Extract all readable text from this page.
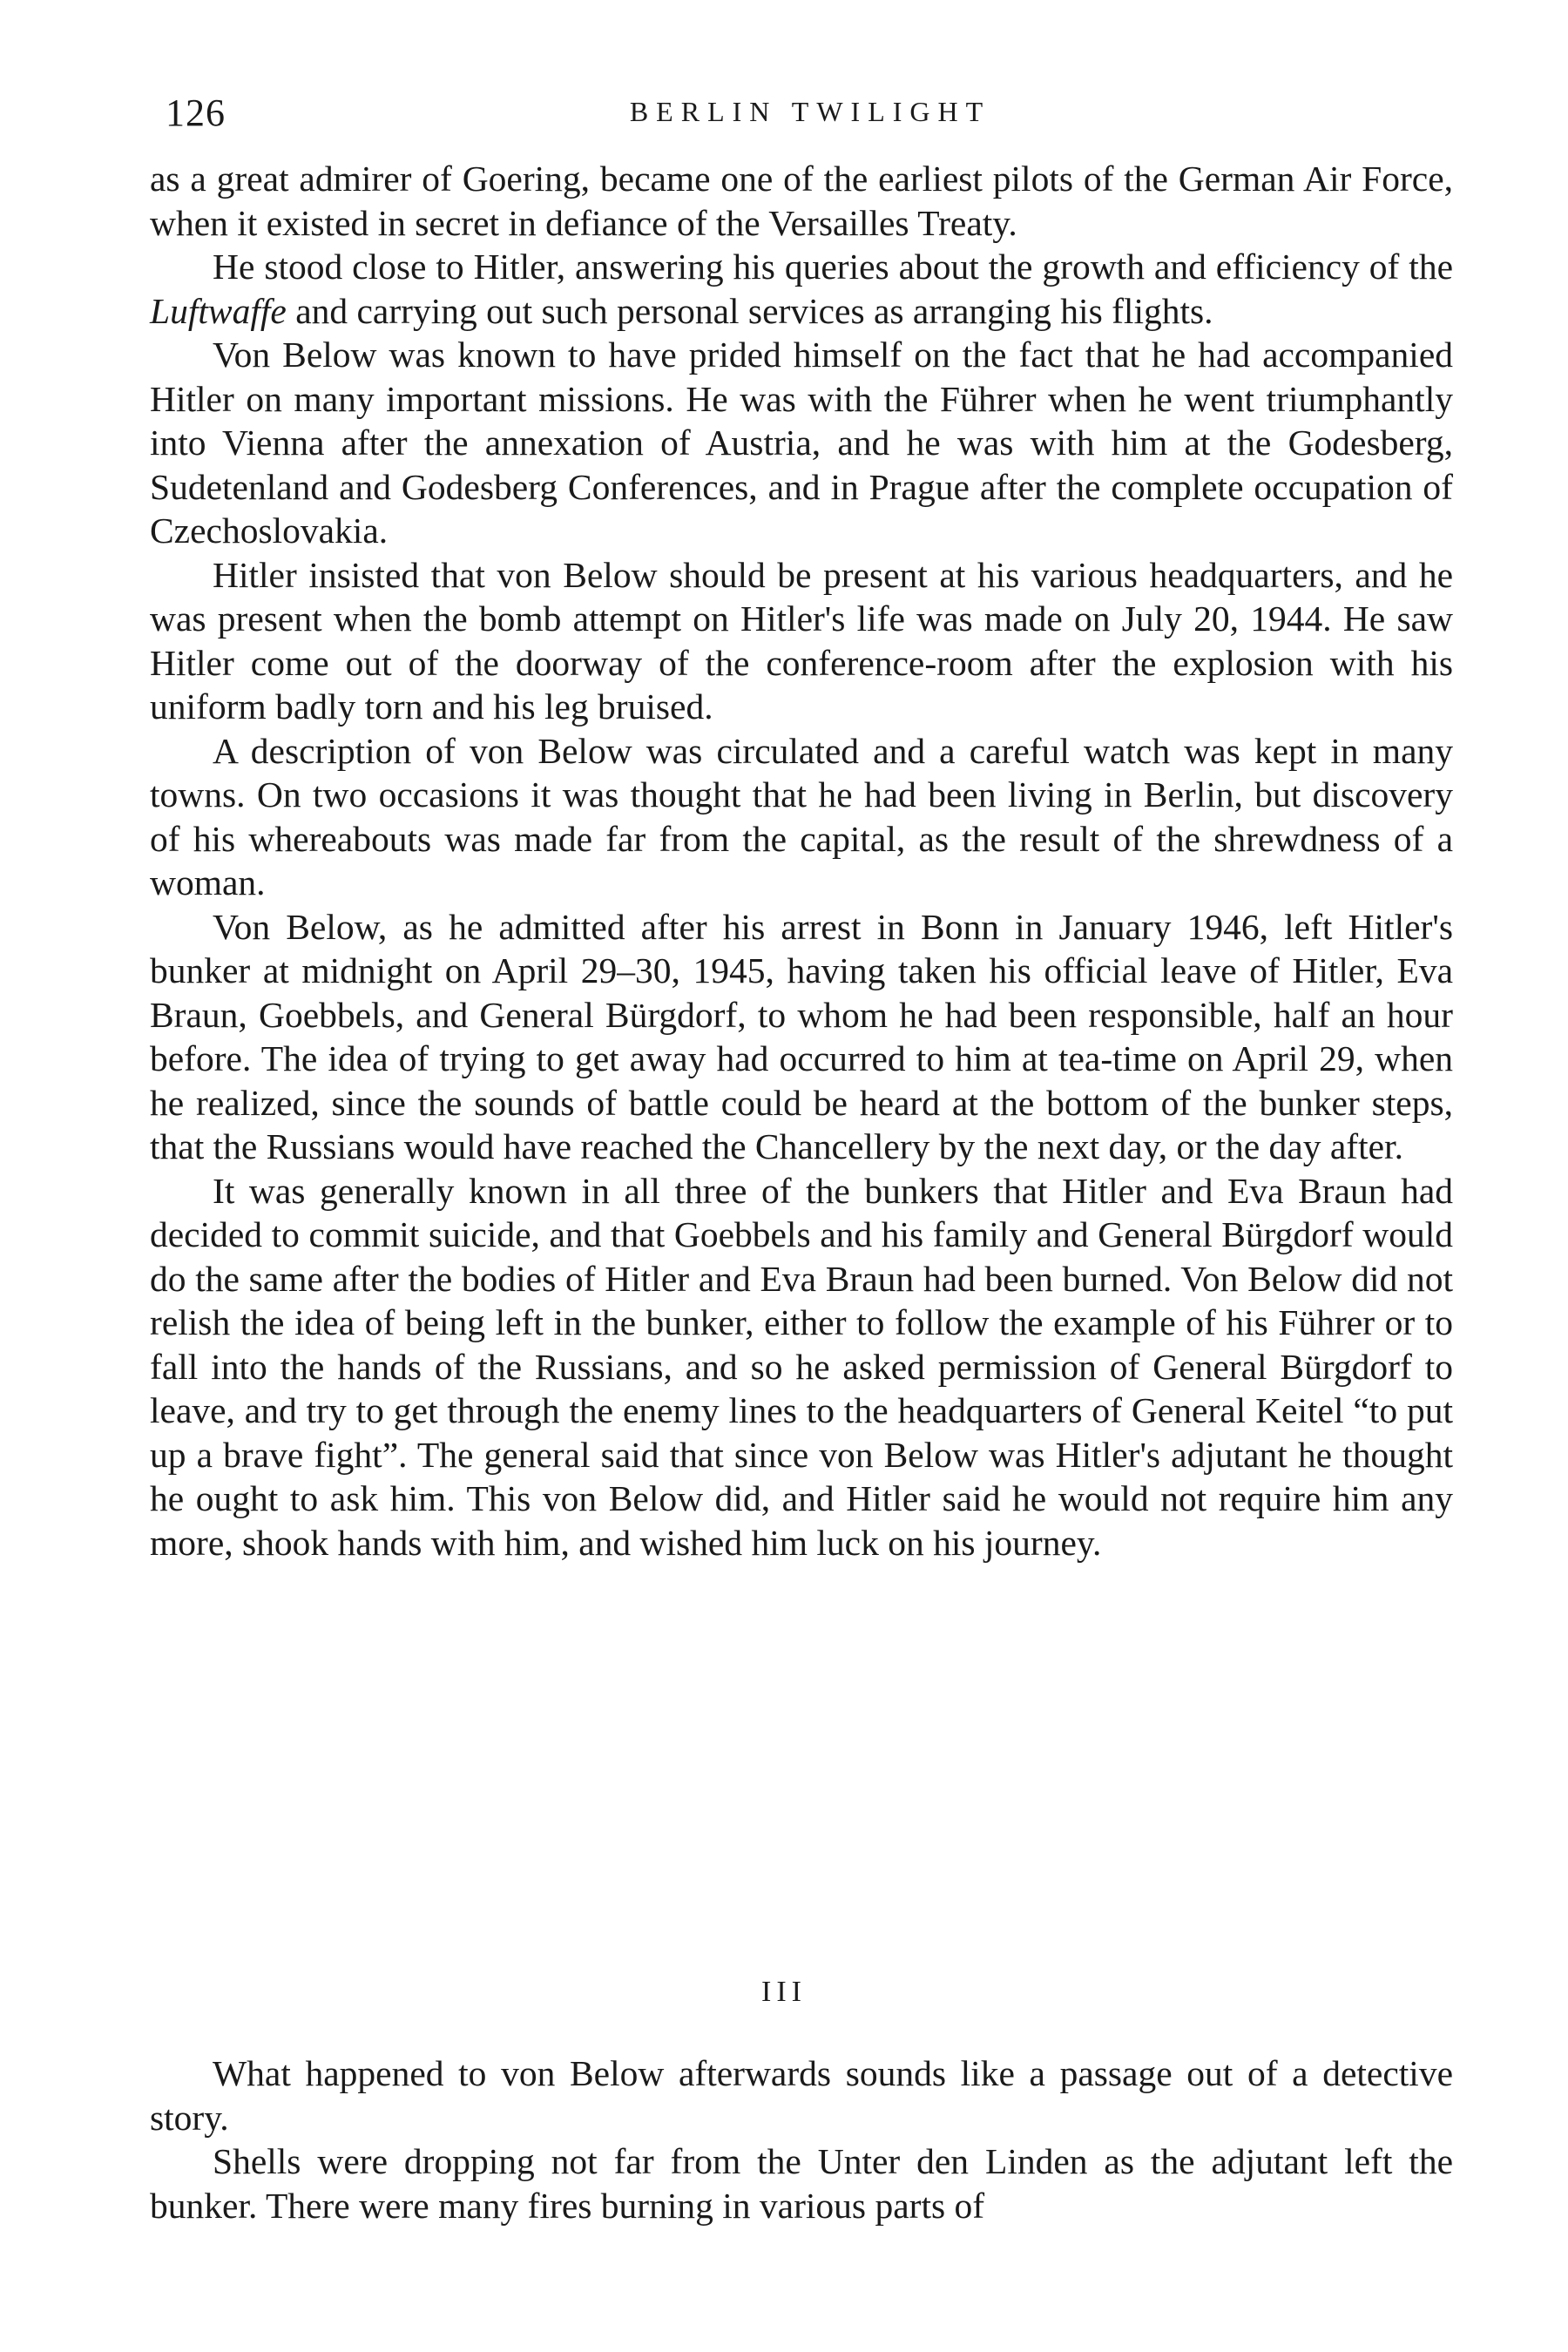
126	BERLIN TWILIGHT

as a great admirer of Goering, became one of the earliest pilots of the German Air Force, when it existed in secret in defiance of the Versailles Treaty.

He stood close to Hitler, answering his queries about the growth and efficiency of the Luftwaffe and carrying out such personal services as arranging his flights.

Von Below was known to have prided himself on the fact that he had accompanied Hitler on many important missions. He was with the Führer when he went triumphantly into Vienna after the annexation of Austria, and he was with him at the Godesberg, Sudetenland and Godesberg Conferences, and in Prague after the complete occupation of Czechoslovakia.

Hitler insisted that von Below should be present at his various headquarters, and he was present when the bomb attempt on Hitler's life was made on July 20, 1944. He saw Hitler come out of the doorway of the conference-room after the explosion with his uniform badly torn and his leg bruised.

A description of von Below was circulated and a careful watch was kept in many towns. On two occasions it was thought that he had been living in Berlin, but discovery of his whereabouts was made far from the capital, as the result of the shrewdness of a woman.

Von Below, as he admitted after his arrest in Bonn in January 1946, left Hitler's bunker at midnight on April 29–30, 1945, having taken his official leave of Hitler, Eva Braun, Goebbels, and General Bürgdorf, to whom he had been responsible, half an hour before. The idea of trying to get away had occurred to him at tea-time on April 29, when he realized, since the sounds of battle could be heard at the bottom of the bunker steps, that the Russians would have reached the Chancellery by the next day, or the day after.

It was generally known in all three of the bunkers that Hitler and Eva Braun had decided to commit suicide, and that Goebbels and his family and General Bürgdorf would do the same after the bodies of Hitler and Eva Braun had been burned. Von Below did not relish the idea of being left in the bunker, either to follow the example of his Führer or to fall into the hands of the Russians, and so he asked permission of General Bürgdorf to leave, and try to get through the enemy lines to the headquarters of General Keitel “to put up a brave fight”. The general said that since von Below was Hitler's adjutant he thought he ought to ask him. This von Below did, and Hitler said he would not require him any more, shook hands with him, and wished him luck on his journey.

III

What happened to von Below afterwards sounds like a passage out of a detective story.

Shells were dropping not far from the Unter den Linden as the adjutant left the bunker. There were many fires burning in various parts of
